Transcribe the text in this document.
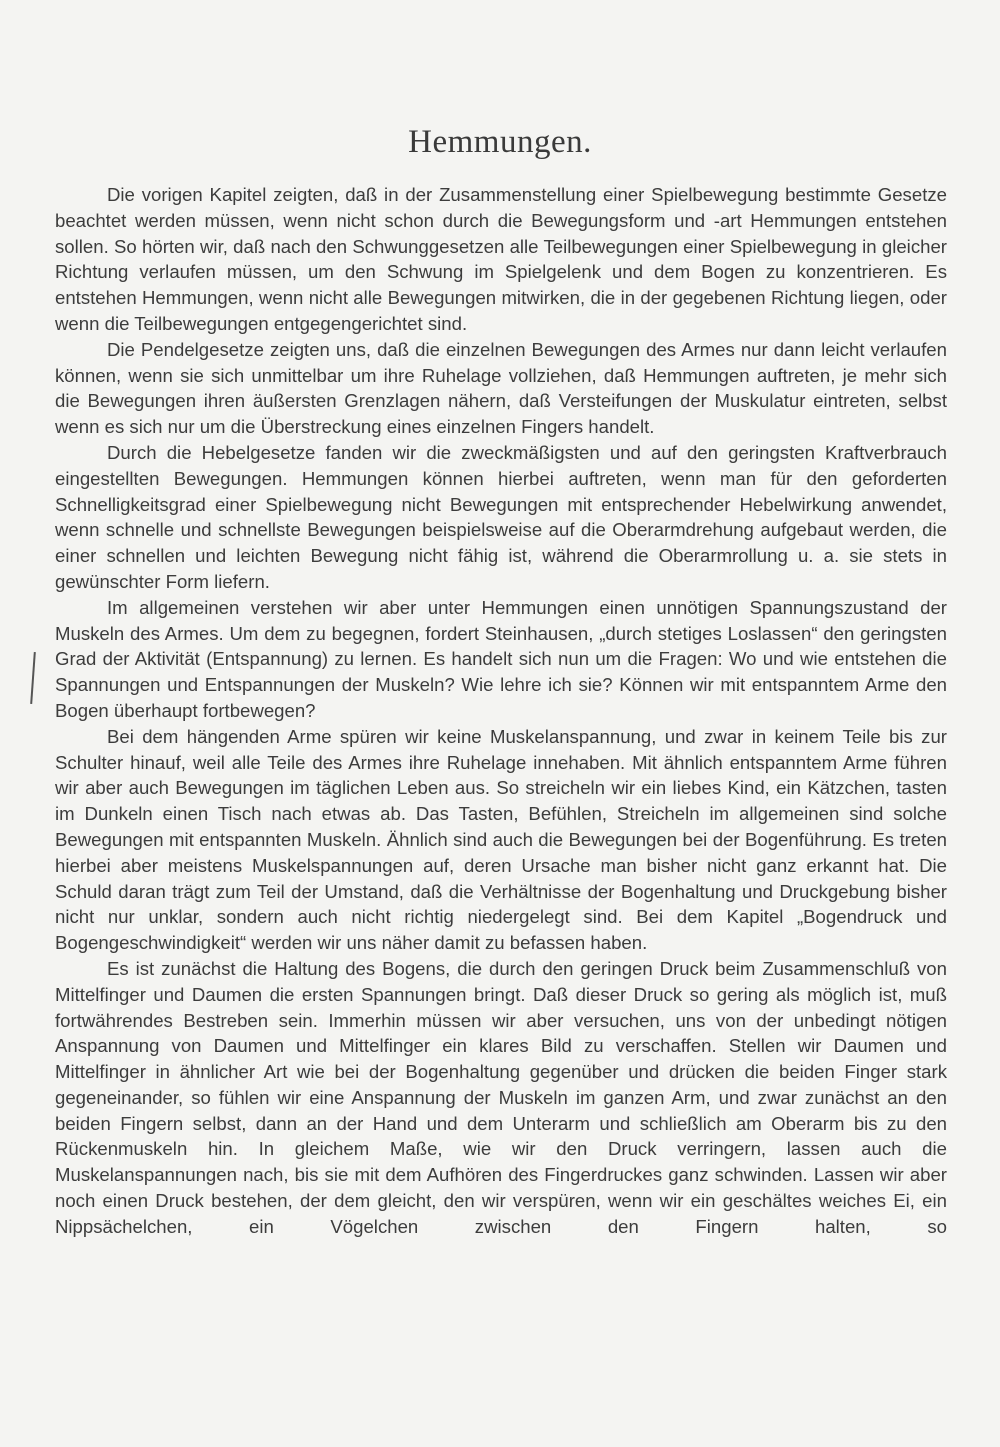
Hemmungen.

Die vorigen Kapitel zeigten, daß in der Zusammenstellung einer Spielbewegung bestimmte Gesetze beachtet werden müssen, wenn nicht schon durch die Bewegungsform und -art Hemmungen entstehen sollen. So hörten wir, daß nach den Schwunggesetzen alle Teilbewegungen einer Spielbewegung in gleicher Richtung verlaufen müssen, um den Schwung im Spielgelenk und dem Bogen zu konzentrieren. Es entstehen Hemmungen, wenn nicht alle Bewegungen mitwirken, die in der gegebenen Richtung liegen, oder wenn die Teilbewegungen entgegengerichtet sind.

Die Pendelgesetze zeigten uns, daß die einzelnen Bewegungen des Armes nur dann leicht verlaufen können, wenn sie sich unmittelbar um ihre Ruhelage vollziehen, daß Hemmungen auftreten, je mehr sich die Bewegungen ihren äußersten Grenzlagen nähern, daß Versteifungen der Muskulatur eintreten, selbst wenn es sich nur um die Überstreckung eines einzelnen Fingers handelt.

Durch die Hebelgesetze fanden wir die zweckmäßigsten und auf den geringsten Kraftverbrauch eingestellten Bewegungen. Hemmungen können hierbei auftreten, wenn man für den geforderten Schnelligkeitsgrad einer Spielbewegung nicht Bewegungen mit entsprechender Hebelwirkung anwendet, wenn schnelle und schnellste Bewegungen beispielsweise auf die Oberarmdrehung aufgebaut werden, die einer schnellen und leichten Bewegung nicht fähig ist, während die Oberarmrollung u. a. sie stets in gewünschter Form liefern.

Im allgemeinen verstehen wir aber unter Hemmungen einen unnötigen Spannungszustand der Muskeln des Armes. Um dem zu begegnen, fordert Steinhausen, „durch stetiges Loslassen“ den geringsten Grad der Aktivität (Entspannung) zu lernen. Es handelt sich nun um die Fragen: Wo und wie entstehen die Spannungen und Entspannungen der Muskeln? Wie lehre ich sie? Können wir mit entspanntem Arme den Bogen überhaupt fortbewegen?

Bei dem hängenden Arme spüren wir keine Muskelanspannung, und zwar in keinem Teile bis zur Schulter hinauf, weil alle Teile des Armes ihre Ruhelage innehaben. Mit ähnlich entspanntem Arme führen wir aber auch Bewegungen im täglichen Leben aus. So streicheln wir ein liebes Kind, ein Kätzchen, tasten im Dunkeln einen Tisch nach etwas ab. Das Tasten, Befühlen, Streicheln im allgemeinen sind solche Bewegungen mit entspannten Muskeln. Ähnlich sind auch die Bewegungen bei der Bogenführung. Es treten hierbei aber meistens Muskelspannungen auf, deren Ursache man bisher nicht ganz erkannt hat. Die Schuld daran trägt zum Teil der Umstand, daß die Verhältnisse der Bogenhaltung und Druckgebung bisher nicht nur unklar, sondern auch nicht richtig niedergelegt sind. Bei dem Kapitel „Bogendruck und Bogengeschwindigkeit“ werden wir uns näher damit zu befassen haben.

Es ist zunächst die Haltung des Bogens, die durch den geringen Druck beim Zusammenschluß von Mittelfinger und Daumen die ersten Spannungen bringt. Daß dieser Druck so gering als möglich ist, muß fortwährendes Bestreben sein. Immerhin müssen wir aber versuchen, uns von der unbedingt nötigen Anspannung von Daumen und Mittelfinger ein klares Bild zu verschaffen. Stellen wir Daumen und Mittelfinger in ähnlicher Art wie bei der Bogenhaltung gegenüber und drücken die beiden Finger stark gegeneinander, so fühlen wir eine Anspannung der Muskeln im ganzen Arm, und zwar zunächst an den beiden Fingern selbst, dann an der Hand und dem Unterarm und schließlich am Oberarm bis zu den Rückenmuskeln hin. In gleichem Maße, wie wir den Druck verringern, lassen auch die Muskelanspannungen nach, bis sie mit dem Aufhören des Fingerdruckes ganz schwinden. Lassen wir aber noch einen Druck bestehen, der dem gleicht, den wir verspüren, wenn wir ein geschältes weiches Ei, ein Nippsächelchen, ein Vögelchen zwischen den Fingern halten, so
